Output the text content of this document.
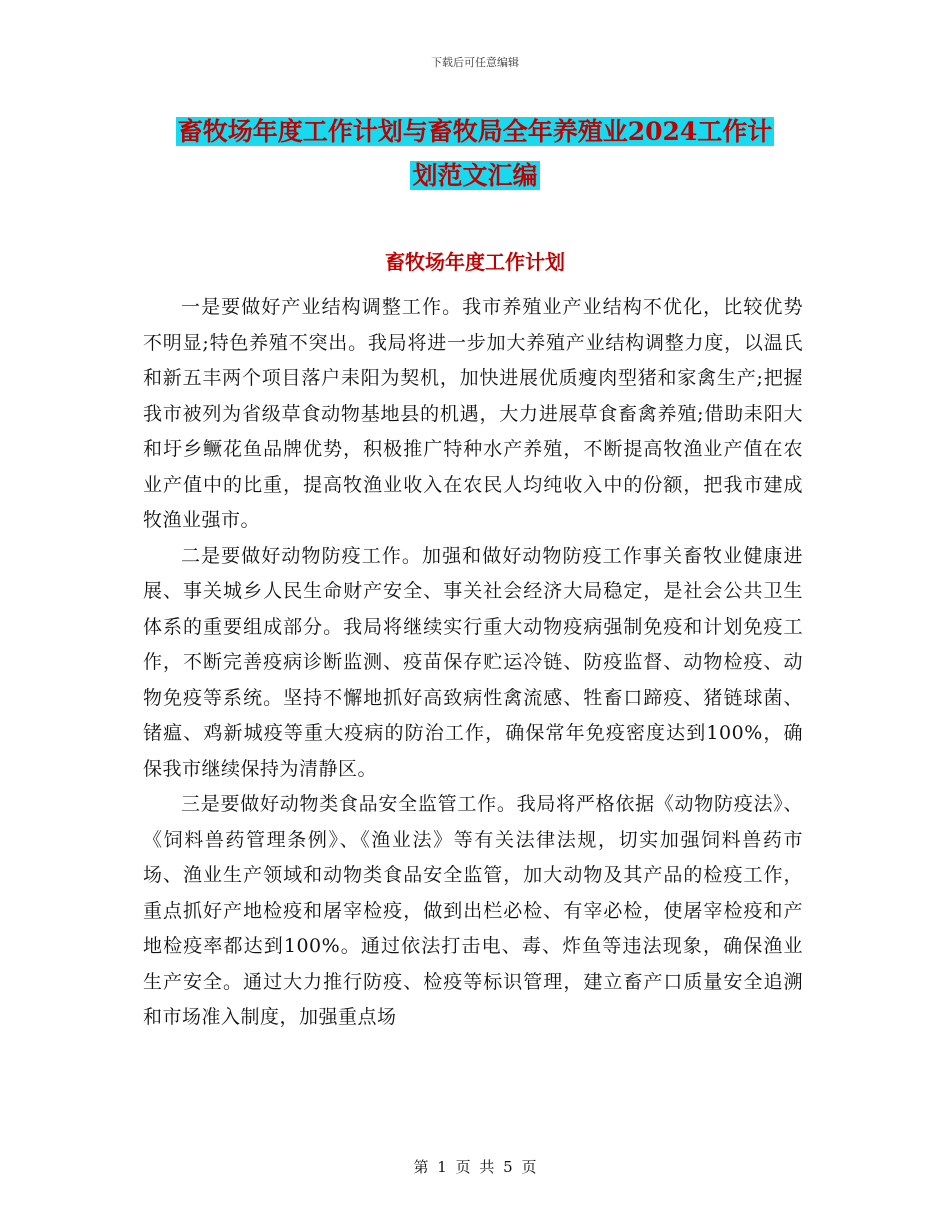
下载后可任意编辑
畜牧场年度工作计划与畜牧局全年养殖业2024工作计
划范文汇编
畜牧场年度工作计划

一是要做好产业结构调整工作。我市养殖业产业结构不优化，比较优势不明显;特色养殖不突出。我局将进一步加大养殖产业结构调整力度，以温氏和新五丰两个项目落户耒阳为契机，加快进展优质瘦肉型猪和家禽生产;把握我市被列为省级草食动物基地县的机遇，大力进展草食畜禽养殖;借助耒阳大和圩乡鳜花鱼品牌优势，积极推广特种水产养殖，不断提高牧渔业产值在农业产值中的比重，提高牧渔业收入在农民人均纯收入中的份额，把我市建成牧渔业强市。

二是要做好动物防疫工作。加强和做好动物防疫工作事关畜牧业健康进展、事关城乡人民生命财产安全、事关社会经济大局稳定，是社会公共卫生体系的重要组成部分。我局将继续实行重大动物疫病强制免疫和计划免疫工作，不断完善疫病诊断监测、疫苗保存贮运冷链、防疫监督、动物检疫、动物免疫等系统。坚持不懈地抓好高致病性禽流感、牲畜口蹄疫、猪链球菌、锗瘟、鸡新城疫等重大疫病的防治工作，确保常年免疫密度达到100%，确保我市继续保持为清静区。

三是要做好动物类食品安全监管工作。我局将严格依据《动物防疫法》、《饲料兽药管理条例》、《渔业法》等有关法律法规，切实加强饲料兽药市场、渔业生产领域和动物类食品安全监管，加大动物及其产品的检疫工作，重点抓好产地检疫和屠宰检疫，做到出栏必检、有宰必检，使屠宰检疫和产地检疫率都达到100%。通过依法打击电、毒、炸鱼等违法现象，确保渔业生产安全。通过大力推行防疫、检疫等标识管理，建立畜产口质量安全追溯和市场准入制度，加强重点场

第 1 页 共 5 页
